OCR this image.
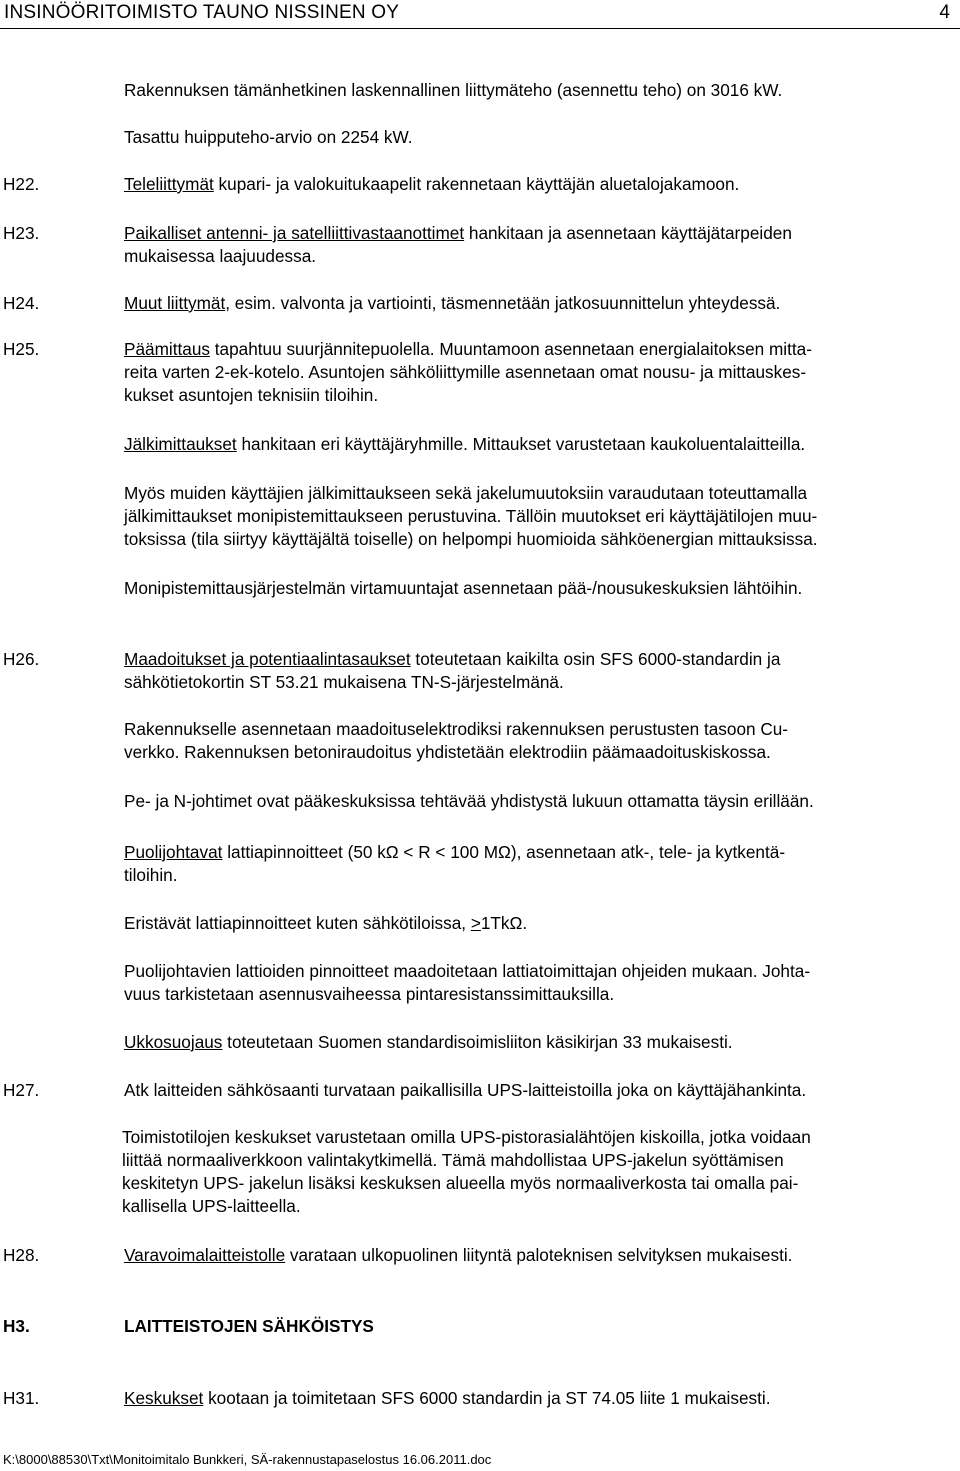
INSINÖÖRITOIMISTO TAUNO NISSINEN OY	4
Rakennuksen tämänhetkinen laskennallinen liittymäteho (asennettu teho) on 3016 kW.
Tasattu huipputeho-arvio on 2254 kW.
H22.	Teleliittymät kupari- ja valokuitukaapelit rakennetaan käyttäjän aluetalojakamoon.
H23.	Paikalliset antenni- ja satelliittivastaanottimet hankitaan ja asennetaan käyttäjätarpeiden
mukaisessa laajuudessa.
H24.	Muut liittymät, esim. valvonta ja vartiointi, täsmennetään jatkosuunnittelun yhteydessä.
H25.	Päämittaus tapahtuu suurjännitepuolella. Muuntamoon asennetaan energialaitoksen mitta-
reita varten 2-ek-kotelo. Asuntojen sähköliittymille asennetaan omat nousu- ja mittauskes-
kukset asuntojen teknisiin tiloihin.
Jälkimittaukset hankitaan eri käyttäjäryhmille. Mittaukset varustetaan kaukoluentalaitteilla.
Myös muiden käyttäjien jälkimittaukseen sekä jakelumuutoksiin varaudutaan toteuttamalla
jälkimittaukset monipistemittaukseen perustuvina. Tällöin muutokset eri käyttäjätilojen muu-
toksissa (tila siirtyy käyttäjältä toiselle) on helpompi huomioida sähköenergian mittauksissa.
Monipistemittausjärjestelmän virtamuuntajat asennetaan pää-/nousukeskuksien lähtöihin.
H26.	Maadoitukset ja potentiaalintasaukset toteutetaan kaikilta osin SFS 6000-standardin ja
sähkötietokortin ST 53.21 mukaisena TN-S-järjestelmänä.
Rakennukselle asennetaan maadoituselektrodiksi rakennuksen perustusten tasoon Cu-
verkko. Rakennuksen betoniraudoitus yhdistetään elektrodiin päämaadoituskiskossa.
Pe- ja N-johtimet ovat pääkeskuksissa tehtävää yhdistystä lukuun ottamatta täysin erillään.
Puolijohtavat lattiapinnoitteet (50 kΩ < R < 100 MΩ), asennetaan atk-, tele- ja kytkentä-
tiloihin.
Eristävät lattiapinnoitteet kuten sähkötiloissa, >1TkΩ.
Puolijohtavien lattioiden pinnoitteet maadoitetaan lattiatoimittajan ohjeiden mukaan. Johta-
vuus tarkistetaan asennusvaiheessa pintaresistanssimittauksilla.
Ukkosuojaus toteutetaan Suomen standardisoimisliiton käsikirjan 33 mukaisesti.
H27.	Atk laitteiden sähkösaanti turvataan paikallisilla UPS-laitteistoilla joka on käyttäjähankinta.
Toimistotilojen keskukset varustetaan omilla UPS-pistorasialähtöjen kiskoilla, jotka voidaan
liittää normaaliverkkoon valintakytkimellä. Tämä mahdollistaa UPS-jakelun syöttämisen
keskitetyn UPS- jakelun lisäksi keskuksen alueella myös normaaliverkosta tai omalla pai-
kallisella UPS-laitteella.
H28.	Varavoimalaitteistolle varataan ulkopuolinen liityntä paloteknisen selvityksen mukaisesti.
H3.	LAITTEISTOJEN SÄHKÖISTYS
H31.	Keskukset kootaan ja toimitetaan SFS 6000 standardin ja ST 74.05 liite 1 mukaisesti.
K:\8000\88530\Txt\Monitoimitalo Bunkkeri, SÄ-rakennustapaselostus 16.06.2011.doc
